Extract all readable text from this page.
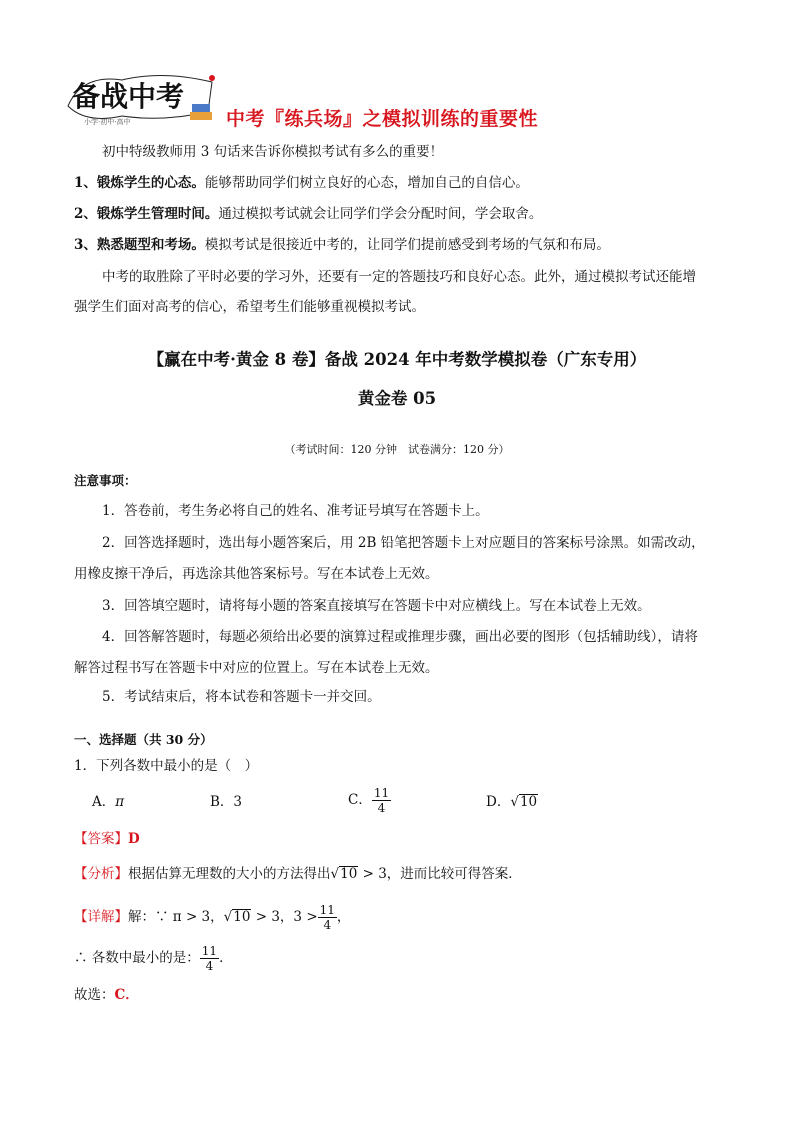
备战中考
小学·初中·高中	中考『练兵场』之模拟训练的重要性
初中特级教师用 3 句话来告诉你模拟考试有多么的重要！
1、锻炼学生的心态。能够帮助同学们树立良好的心态，增加自己的自信心。
2、锻炼学生管理时间。通过模拟考试就会让同学们学会分配时间，学会取舍。
3、熟悉题型和考场。模拟考试是很接近中考的，让同学们提前感受到考场的气氛和布局。
中考的取胜除了平时必要的学习外，还要有一定的答题技巧和良好心态。此外，通过模拟考试还能增
强学生们面对高考的信心，希望考生们能够重视模拟考试。
【赢在中考·黄金 8 卷】备战 2024 年中考数学模拟卷（广东专用）
黄金卷 05
（考试时间：120 分钟　试卷满分：120 分）
注意事项：
1．答卷前，考生务必将自己的姓名、准考证号填写在答题卡上。
2．回答选择题时，选出每小题答案后，用 2B 铅笔把答题卡上对应题目的答案标号涂黑。如需改动，
用橡皮擦干净后，再选涂其他答案标号。写在本试卷上无效。
3．回答填空题时，请将每小题的答案直接填写在答题卡中对应横线上。写在本试卷上无效。
4．回答解答题时，每题必须给出必要的演算过程或推理步骤，画出必要的图形（包括辅助线），请将
解答过程书写在答题卡中对应的位置上。写在本试卷上无效。
5．考试结束后，将本试卷和答题卡一并交回。
一、选择题（共 30 分）
1．下列各数中最小的是（　）
A．π	B．3	C． $\frac{11}{4}$	D．√10
【答案】D
【分析】根据估算无理数的大小的方法得出√10 > 3，进而比较可得答案．
【详解】解：∵ π > 3，√10 > 3，$3 > \frac{11}{4}$ ，
∴ 各数中最小的是： $\frac{11}{4}$ ．
故选：C．
